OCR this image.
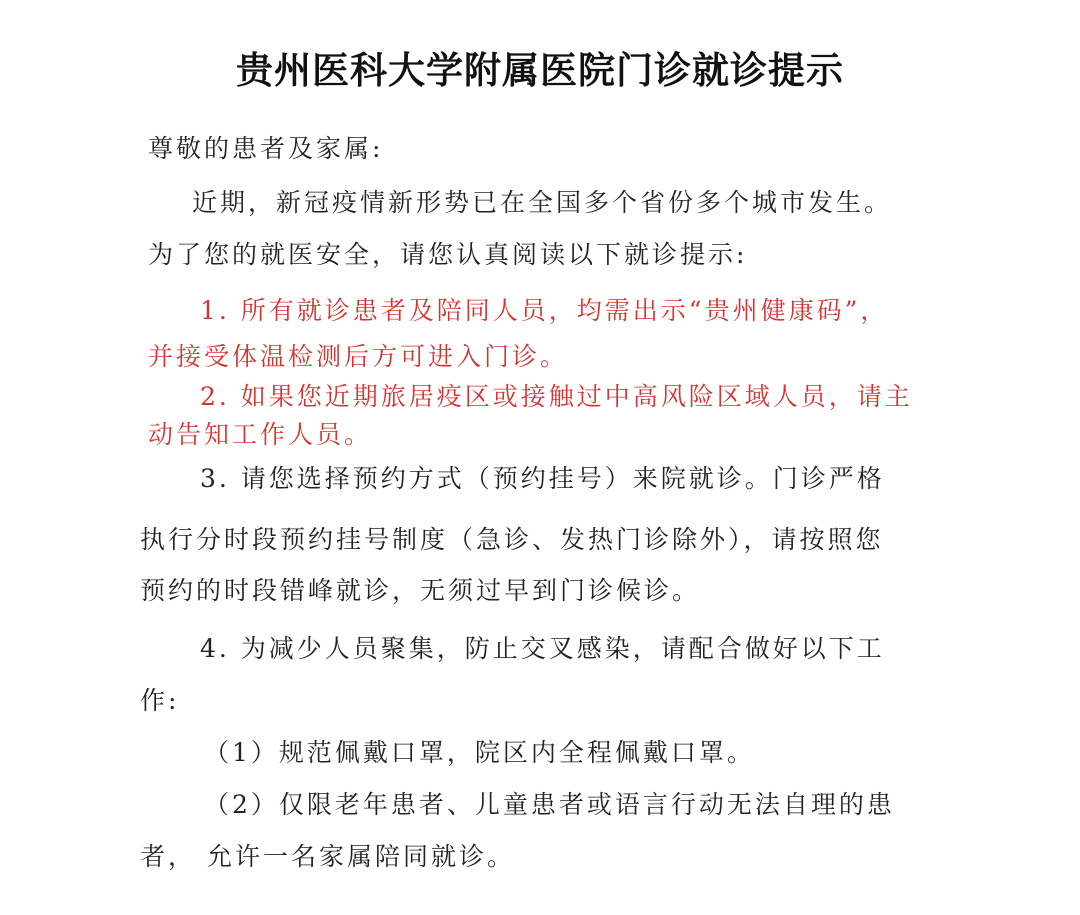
贵州医科大学附属医院门诊就诊提示
尊敬的患者及家属:
近期，新冠疫情新形势已在全国多个省份多个城市发生。
为了您的就医安全，请您认真阅读以下就诊提示:
1. 所有就诊患者及陪同人员，均需出示“贵州健康码”，
并接受体温检测后方可进入门诊。
2. 如果您近期旅居疫区或接触过中高风险区域人员，请主
动告知工作人员。
3. 请您选择预约方式（预约挂号）来院就诊。门诊严格
执行分时段预约挂号制度（急诊、发热门诊除外），请按照您
预约的时段错峰就诊，无须过早到门诊候诊。
4. 为减少人员聚集，防止交叉感染，请配合做好以下工
作:
（1）规范佩戴口罩，院区内全程佩戴口罩。
（2）仅限老年患者、儿童患者或语言行动无法自理的患
者， 允许一名家属陪同就诊。
